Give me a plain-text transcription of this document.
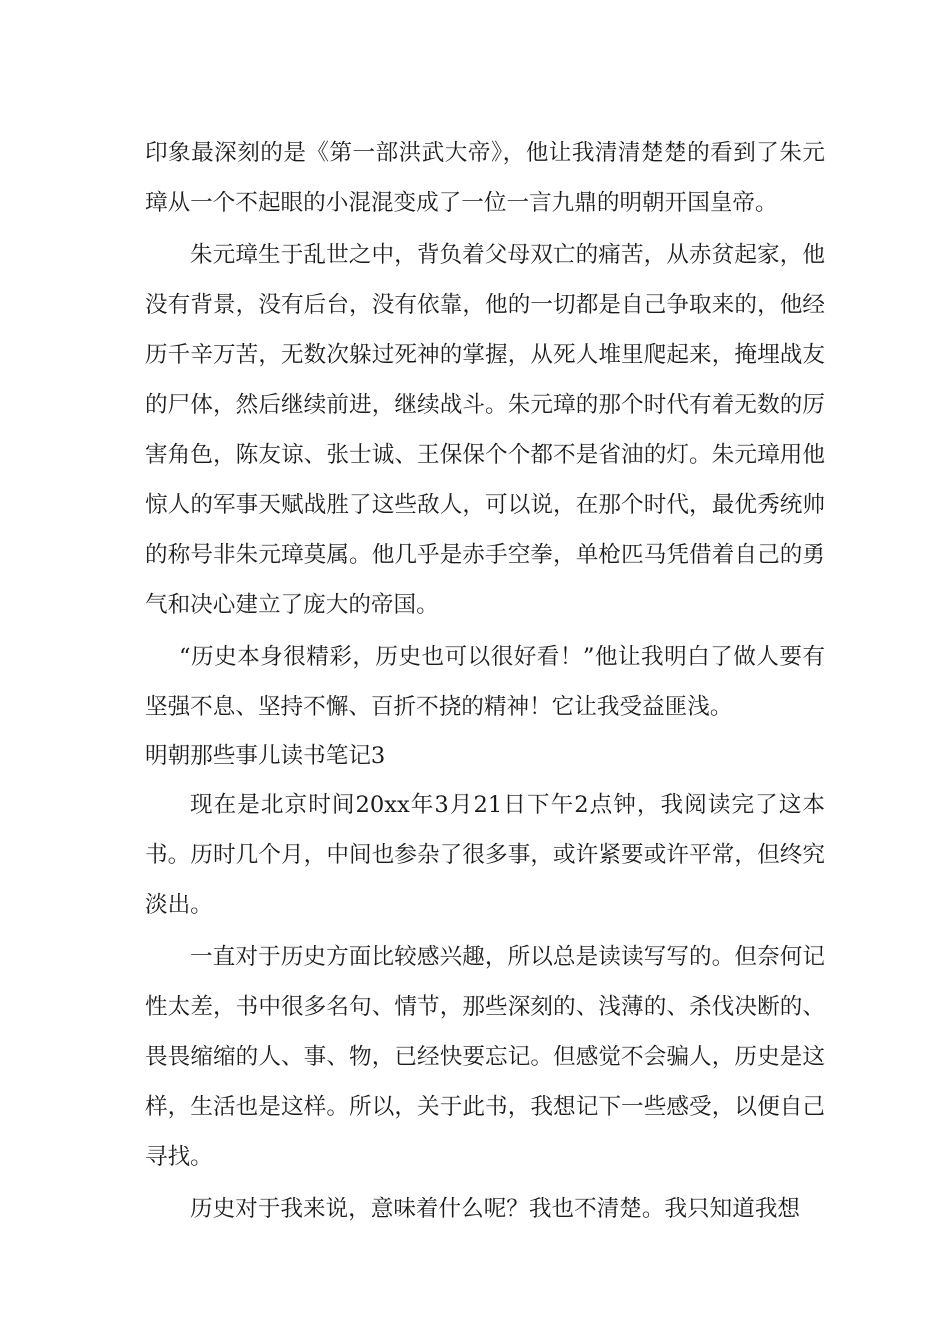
印象最深刻的是《第一部洪武大帝》，他让我清清楚楚的看到了朱元璋从一个不起眼的小混混变成了一位一言九鼎的明朝开国皇帝。

朱元璋生于乱世之中，背负着父母双亡的痛苦，从赤贫起家，他没有背景，没有后台，没有依靠，他的一切都是自己争取来的，他经历千辛万苦，无数次躲过死神的掌握，从死人堆里爬起来，掩埋战友的尸体，然后继续前进，继续战斗。朱元璋的那个时代有着无数的厉害角色，陈友谅、张士诚、王保保个个都不是省油的灯。朱元璋用他惊人的军事天赋战胜了这些敌人，可以说，在那个时代，最优秀统帅的称号非朱元璋莫属。他几乎是赤手空拳，单枪匹马凭借着自己的勇气和决心建立了庞大的帝国。

“历史本身很精彩，历史也可以很好看！”他让我明白了做人要有坚强不息、坚持不懈、百折不挠的精神！它让我受益匪浅。

明朝那些事儿读书笔记3

现在是北京时间20xx年3月21日下午2点钟，我阅读完了这本书。历时几个月，中间也参杂了很多事，或许紧要或许平常，但终究淡出。

一直对于历史方面比较感兴趣，所以总是读读写写的。但奈何记性太差，书中很多名句、情节，那些深刻的、浅薄的、杀伐决断的、畏畏缩缩的人、事、物，已经快要忘记。但感觉不会骗人，历史是这样，生活也是这样。所以，关于此书，我想记下一些感受，以便自己寻找。

历史对于我来说，意味着什么呢？我也不清楚。我只知道我想
